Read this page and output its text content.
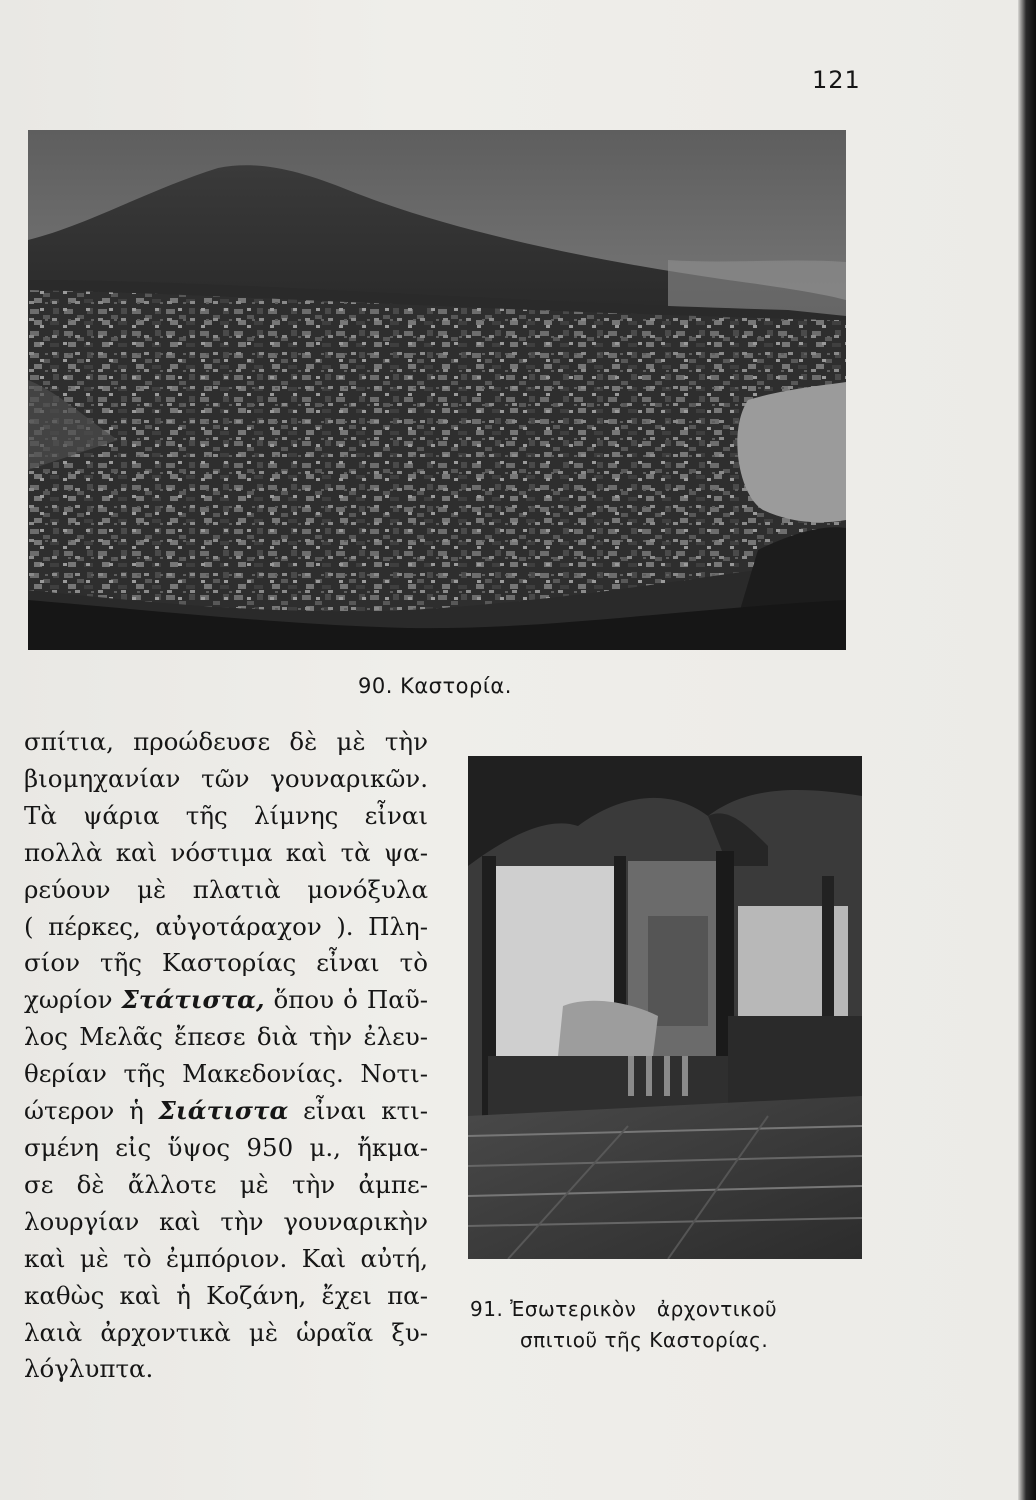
121
90. Καστορία.
σπίτια, προώδευσε δὲ μὲ τὴν
βιομηχανίαν τῶν γουναρικῶν.
Τὰ ψάρια τῆς λίμνης εἶναι
πολλὰ καὶ νόστιμα καὶ τὰ ψα-
ρεύουν μὲ πλατιὰ μονόξυλα
( πέρκες, αὐγοτάραχον ). Πλη-
σίον τῆς Καστορίας εἶναι τὸ
χωρίον Στάτιστα, ὅπου ὁ Παῦ-
λος Μελᾶς ἔπεσε διὰ τὴν ἐλευ-
θερίαν τῆς Μακεδονίας. Νοτι-
ώτερον ἡ Σιάτιστα εἶναι κτι-
σμένη εἰς ὕψος 950 μ., ἤκμα-
σε δὲ ἄλλοτε μὲ τὴν ἀμπε-
λουργίαν καὶ τὴν γουναρικὴν
καὶ μὲ τὸ ἐμπόριον. Καὶ αὐτή,
καθὼς καὶ ἡ Κοζάνη, ἔχει πα-
λαιὰ ἀρχοντικὰ μὲ ὡραῖα ξυ-
λόγλυπτα.
91. Ἐσωτερικὸν   ἀρχοντικοῦ
σπιτιοῦ τῆς Καστορίας.
